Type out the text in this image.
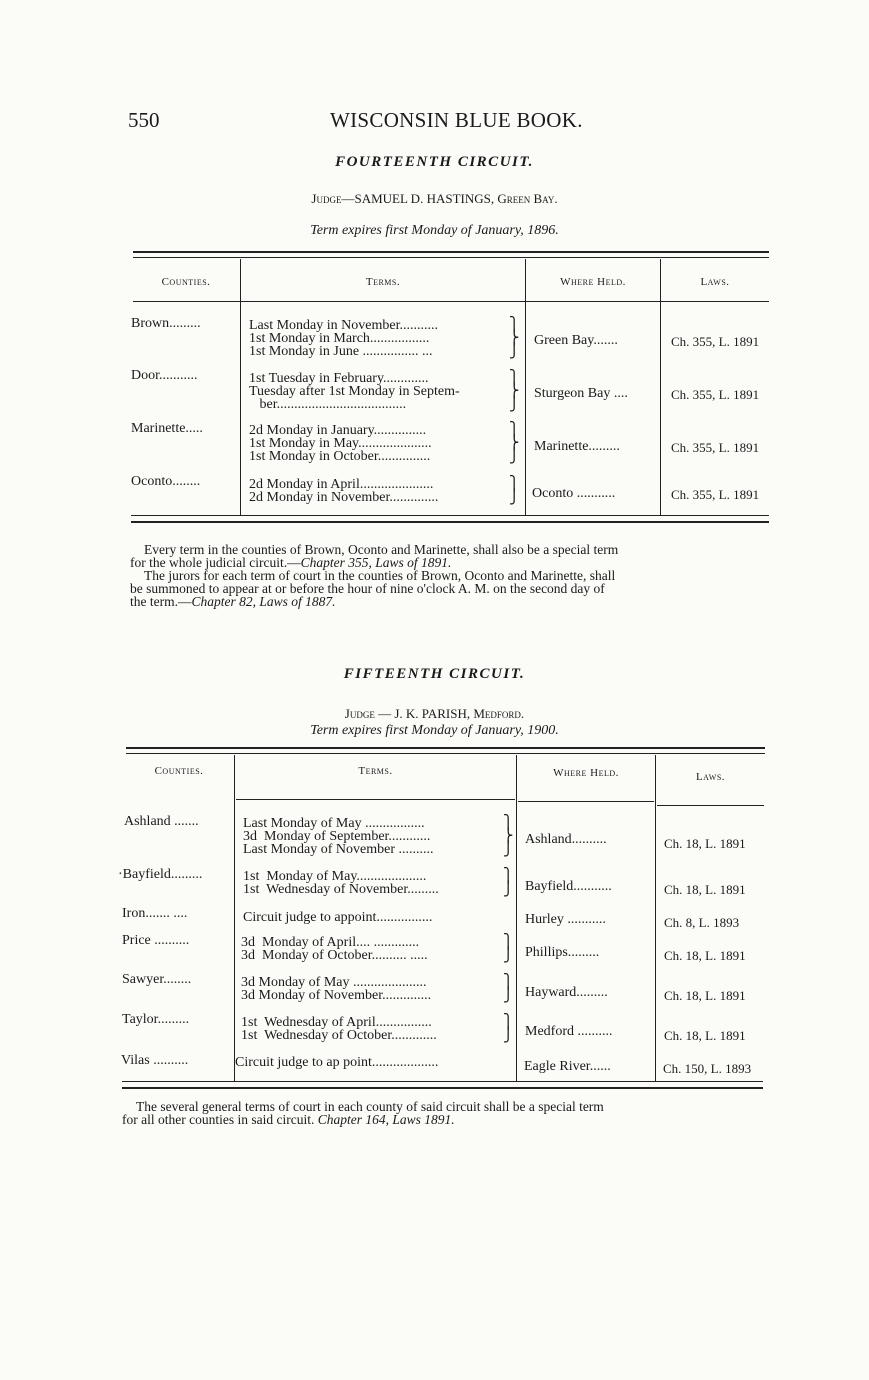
550	WISCONSIN BLUE BOOK.
FOURTEENTH CIRCUIT.
Judge—SAMUEL D. HASTINGS, Green Bay.
Term expires first Monday of January, 1896.
Counties.	Terms.	Where Held.	Laws.
Brown.........	Last Monday in November...........
1st Monday in March.................
1st Monday in June ................ ...
⎫
⎬
⎭
Green Bay.......	Ch. 355, L. 1891
Door...........	1st Tuesday in February.............
Tuesday after 1st Monday in Septem-
ber.....................................
⎫
⎬
⎭
Sturgeon Bay ....	Ch. 355, L. 1891
Marinette.....	2d Monday in January...............
1st Monday in May.....................
1st Monday in October...............
⎫
⎬
⎭
Marinette.........	Ch. 355, L. 1891
Oconto........	2d Monday in April.....................
2d Monday in November..............
⎫
⎭ Oconto ...........	Ch. 355, L. 1891
Every term in the counties of Brown, Oconto and Marinette, shall also be a special term
for the whole judicial circuit.—Chapter 355, Laws of 1891.
The jurors for each term of court in the counties of Brown, Oconto and Marinette, shall
be summoned to appear at or before the hour of nine o'clock A. M. on the second day of
the term.—Chapter 82, Laws of 1887.
FIFTEENTH CIRCUIT.
Judge — J. K. PARISH, Medford.
Term expires first Monday of January, 1900.
Counties.	Terms.	Where Held.	Laws.
Ashland .......	Last Monday of May .................
3d  Monday of September............
Last Monday of November ..........
⎫
⎬
⎭
Ashland..........	Ch. 18, L. 1891
·Bayfield.........	1st  Monday of May....................
1st  Wednesday of November.........
⎫
⎭ Bayfield...........	Ch. 18, L. 1891
Iron....... ....	Circuit judge to appoint................	Hurley ...........	Ch. 8, L. 1893
Price ..........	3d  Monday of April.... .............
3d  Monday of October.......... .....
⎫
⎭ Phillips.........	Ch. 18, L. 1891
Sawyer........	3d Monday of May .....................
3d Monday of November..............
⎫
⎭ Hayward.........	Ch. 18, L. 1891
Taylor.........	1st  Wednesday of April................
1st  Wednesday of October.............
⎫
⎭ Medford ..........	Ch. 18, L. 1891
Vilas ..........	Circuit judge to ap point...................	Eagle River......	Ch. 150, L. 1893
The several general terms of court in each county of said circuit shall be a special term
for all other counties in said circuit. Chapter 164, Laws 1891.
